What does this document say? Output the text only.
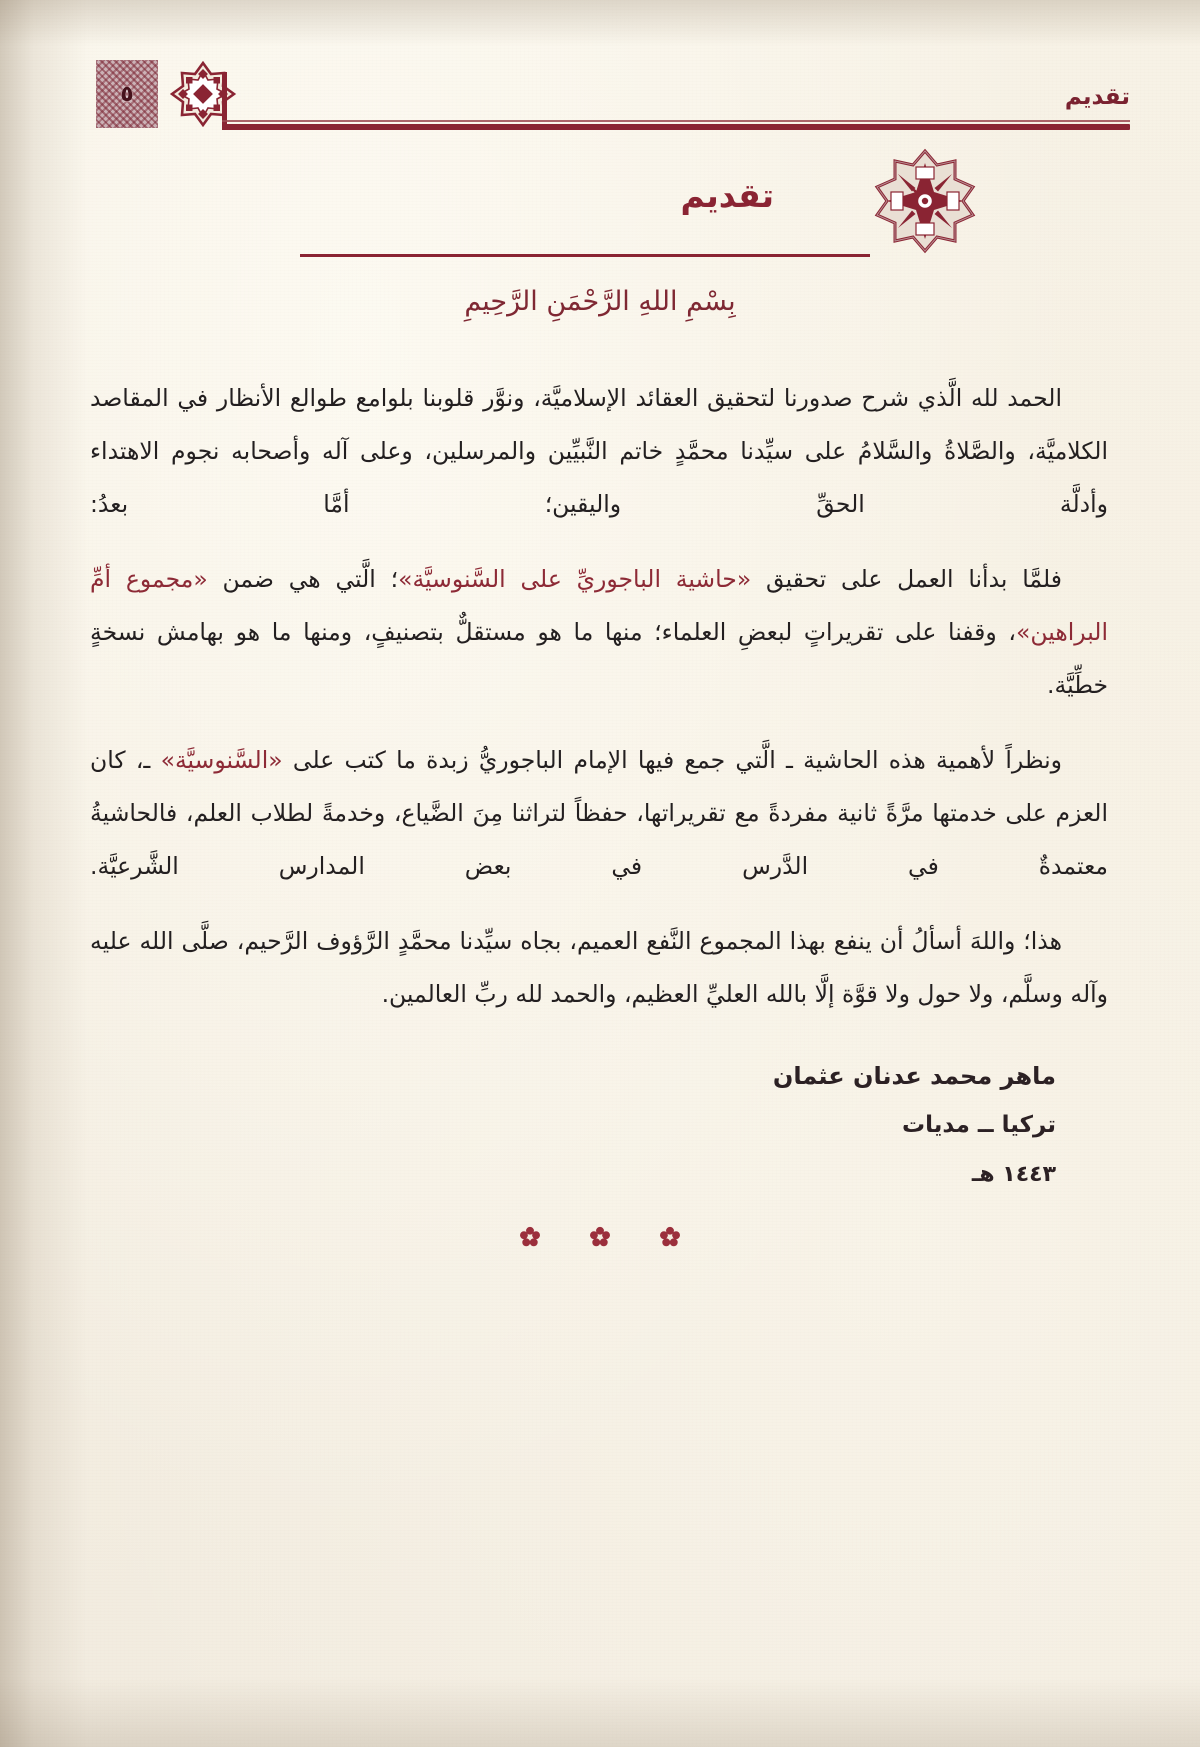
٥	تقديم
تقديم
بِسْمِ اللهِ الرَّحْمَنِ الرَّحِيمِ

الحمد لله الَّذي شرح صدورنا لتحقيق العقائد الإسلاميَّة، ونوَّر قلوبنا بلوامع طوالع الأنظار في المقاصد الكلاميَّة، والصَّلاةُ والسَّلامُ على سيِّدنا محمَّدٍ خاتم النَّبيِّين والمرسلين، وعلى آله وأصحابه نجوم الاهتداء وأدلَّة الحقِّ واليقين؛ أمَّا بعدُ:

فلمَّا بدأنا العمل على تحقيق «حاشية الباجوريِّ على السَّنوسيَّة»؛ الَّتي هي ضمن «مجموع أمِّ البراهين»، وقفنا على تقريراتٍ لبعضِ العلماء؛ منها ما هو مستقلٌّ بتصنيفٍ، ومنها ما هو بهامش نسخةٍ خطِّيَّة.

ونظراً لأهمية هذه الحاشية ـ الَّتي جمع فيها الإمام الباجوريُّ زبدة ما كتب على «السَّنوسيَّة» ـ، كان العزم على خدمتها مرَّةً ثانية مفردةً مع تقريراتها، حفظاً لتراثنا مِنَ الضَّياع، وخدمةً لطلاب العلم، فالحاشيةُ معتمدةٌ في الدَّرس في بعض المدارس الشَّرعيَّة.

هذا؛ واللهَ أسألُ أن ينفع بهذا المجموع النَّفع العميم، بجاه سيِّدنا محمَّدٍ الرَّؤوف الرَّحيم، صلَّى الله عليه وآله وسلَّم، ولا حول ولا قوَّة إلَّا بالله العليِّ العظيم، والحمد لله ربِّ العالمين.

ماهر محمد عدنان عثمان
تركيا ــ مديات
١٤٤٣ هـ
